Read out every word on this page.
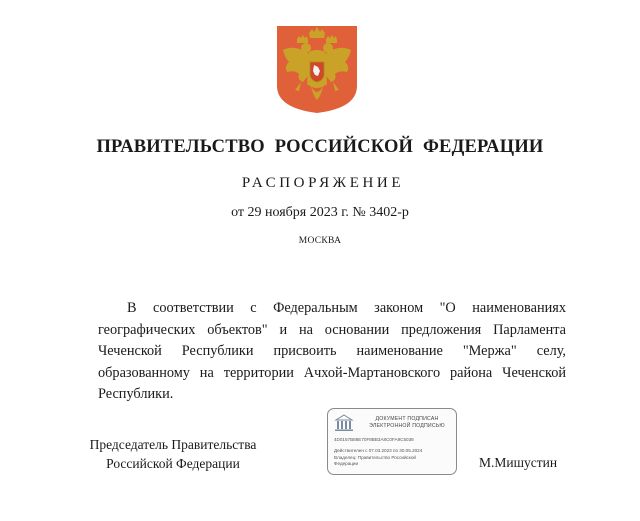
ПРАВИТЕЛЬСТВО РОССИЙСКОЙ ФЕДЕРАЦИИ
РАСПОРЯЖЕНИЕ
от 29 ноября 2023 г. № 3402-р
МОСКВА

В соответствии с Федеральным законом "О наименованиях географических объектов" и на основании предложения Парламента Чеченской Республики присвоить наименование "Мержа" селу, образованному на территории Ачхой-Мартановского района Чеченской Республики.

Председатель Правительства
Российской Федерации
ДОКУМЕНТ ПОДПИСАН
ЭЛЕКТРОННОЙ ПОДПИСЬЮ
4D0157B88E70F8BB3A8C0FA9C5038
Действителен с 07.03.2023 по 30.05.2024
Владелец: Правительство Российской
Федерации	М.Мишустин
